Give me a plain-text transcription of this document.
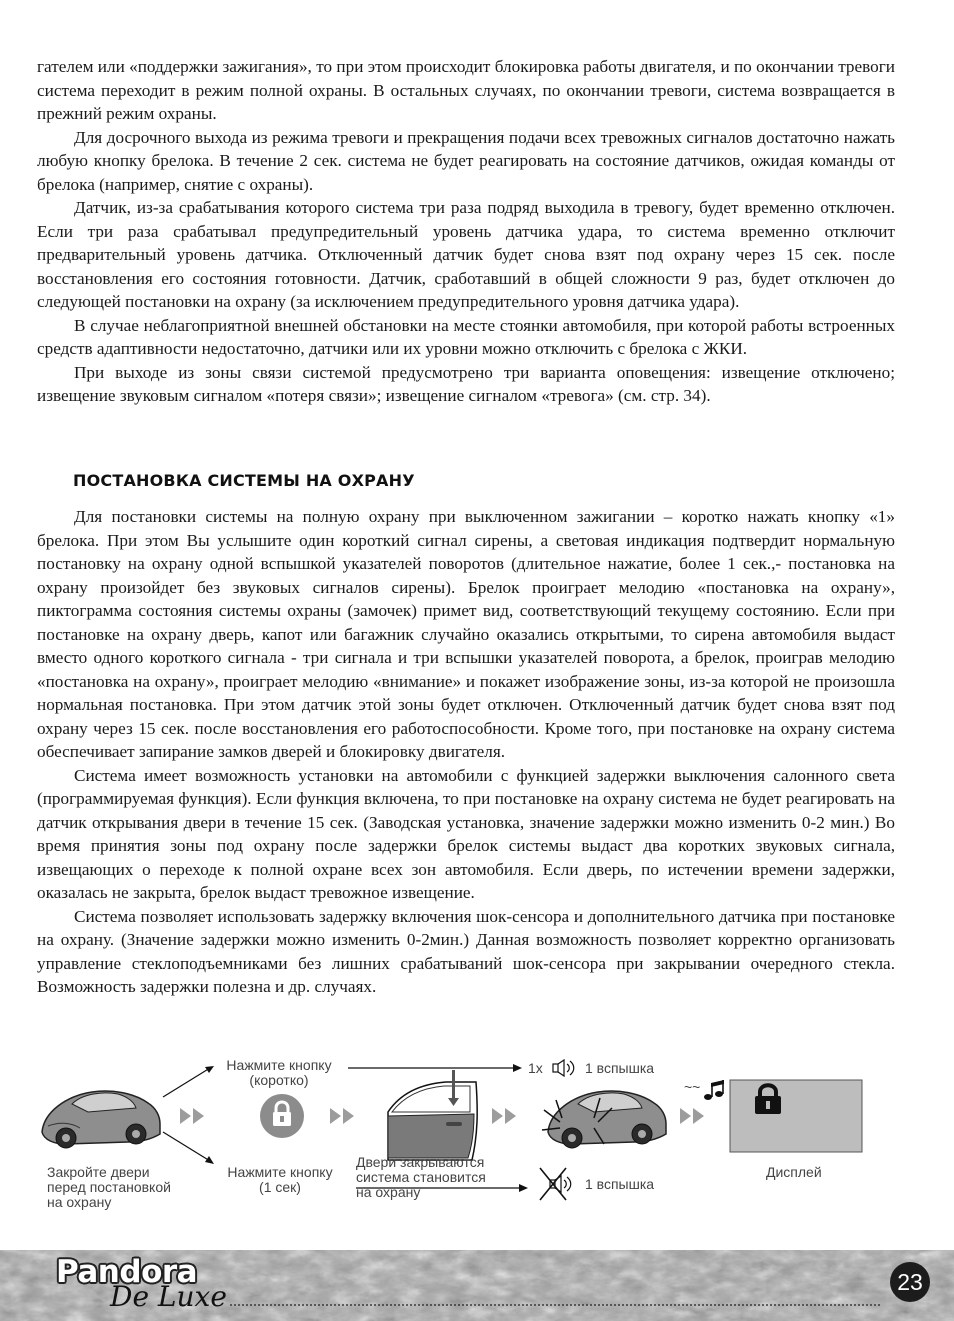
гателем или «поддержки зажигания», то при этом происходит блокировка работы двигателя, и по окончании тревоги система переходит в режим полной охраны. В остальных случаях, по окончании тревоги, система возвращается в прежний режим охраны.

Для досрочного выхода из режима тревоги и прекращения подачи всех тревожных сигналов достаточно нажать любую кнопку брелока. В течение 2 сек. система не будет реагировать на состояние датчиков, ожидая команды от брелока (например, снятие с охраны).

Датчик, из-за срабатывания которого система три раза подряд выходила в тревогу, будет временно отключен. Если три раза срабатывал предупредительный уровень датчика удара, то система временно отключит предварительный уровень датчика. Отключенный датчик будет снова взят под охрану через 15 сек. после восстановления его состояния готовности. Датчик, сработавший в общей сложности 9 раз, будет отключен до следующей постановки на охрану (за исключением предупредительного уровня датчика удара).

В случае неблагоприятной внешней обстановки на месте стоянки автомобиля, при которой работы встроенных средств адаптивности недостаточно, датчики или их уровни можно отключить с брелока с ЖКИ.

При выходе из зоны связи системой предусмотрено три варианта оповещения: извещение отключено; извещение звуковым сигналом «потеря связи»; извещение сигналом «тревога» (см. стр. 34).

ПОСТАНОВКА СИСТЕМЫ НА ОХРАНУ

Для постановки системы на полную охрану при выключенном зажигании – коротко нажать кнопку «1» брелока. При этом Вы услышите один короткий сигнал сирены, а световая индикация подтвердит нормальную постановку на охрану одной вспышкой указателей поворотов (длительное нажатие, более 1 сек.,- постановка на охрану произойдет без звуковых сигналов сирены). Брелок проиграет мелодию «постановка на охрану», пиктограмма состояния системы охраны (замочек) примет вид, соответствующий текущему состоянию. Если при постановке на охрану дверь, капот или багажник случайно оказались открытыми, то сирена автомобиля выдаст вместо одного короткого сигнала - три сигнала и три вспышки указателей поворота, а брелок, проиграв мелодию «постановка на охрану», проиграет мелодию «внимание» и покажет изображение зоны, из-за которой не произошла нормальная постановка. При этом датчик этой зоны будет отключен. Отключенный датчик будет снова взят под охрану через 15 сек. после восстановления его работоспособности. Кроме того, при постановке на охрану система обеспечивает запирание замков дверей и блокировку двигателя.

Система имеет возможность установки на автомобили с функцией задержки выключения салонного света (программируемая функция). Если функция включена, то при постановке на охрану система не будет реагировать на датчик открывания двери в течение 15 сек. (Заводская установка, значение задержки можно изменить 0-2 мин.) Во время принятия зоны под охрану после задержки брелок системы выдаст два коротких звуковых сигнала, извещающих о переходе к полной охране всех зон автомобиля. Если дверь, по истечении времени задержки, оказалась не закрыта, брелок выдаст тревожное извещение.

Система позволяет использовать задержку включения шок-сенсора и дополнительного датчика при постановке на охрану. (Значение задержки можно изменить 0-2мин.) Данная возможность позволяет корректно организовать управление стеклоподъемниками без лишних срабатываний шок-сенсора при закрывании очередного стекла. Возможность задержки полезна и др. случаях.

Закройте двери
перед постановкой
на охрану
Нажмите кнопку
(коротко)
Нажмите кнопку
(1 сек)
Двери закрываются
система становится
на охрану
1x	1 вспышка
1 вспышка
~~
Дисплей
Pandora
De Luxe	23
